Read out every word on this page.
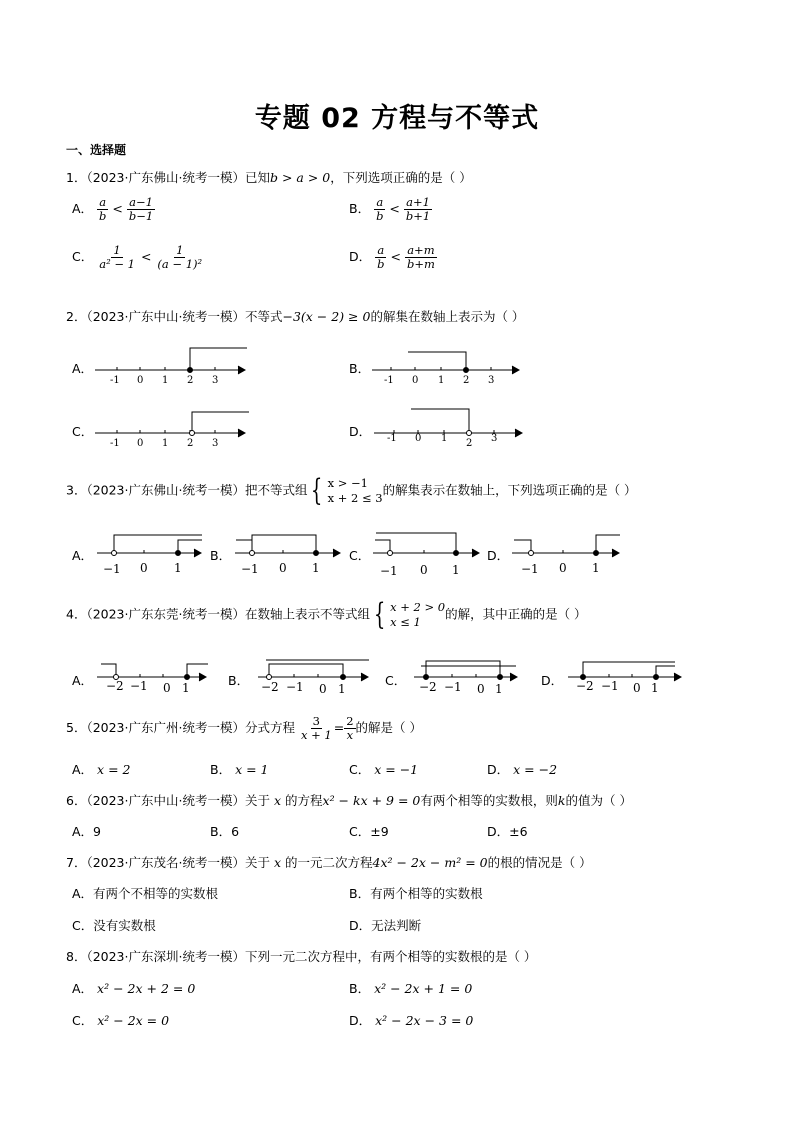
专题 02 方程与不等式
一、选择题
1．（2023·广东佛山·统考一模）已知b > a > 0，下列选项正确的是（ ）
A． $\frac{a}{b} < \frac{a-1}{b-1}$	B． $\frac{a}{b} < \frac{a+1}{b+1}$
C． $\frac{1}{\text{a² − 1}} < \frac{1}{\text{(a − 1)²}}$	D． $\frac{a}{b} < \frac{a+m}{b+m}$
2．（2023·广东中山·统考一模）不等式−3(x − 2) ≥ 0的解集在数轴上表示为（ ）
A．	B．
C．	D．
-1 0 1 2 3	-1 0 1 2 3
-1 0 1 2 3	-1 0 1 2 3
−1 0 1	−1 0 1	−1 0 1	−1 0 1
−2 −1 0 1	−2 −1 0 1	−2 −1 0 1	−2 −1 0 1
3．（2023·广东佛山·统考一模）把不等式组 { x > −1
x + 2 ≤ 3
的解集表示在数轴上，下列选项正确的是（ ）
A．	B．	C．	D．
4．（2023·广东东莞·统考一模）在数轴上表示不等式组 { x + 2 > 0
x ≤ 1
的解，其中正确的是（ ）
A．	B．	C．	D．
5．（2023·广东广州·统考一模）分式方程 $\frac{3}{x + 1} = \frac{2}{x}$ 的解是（ ）
A． x = 2	B． x = 1	C． x = −1	D． x = −2
6．（2023·广东中山·统考一模）关于 x 的方程x² − kx + 9 = 0有两个相等的实数根，则k的值为（ ）
A．9	B．6	C．±9	D．±6
7．（2023·广东茂名·统考一模）关于 x 的一元二次方程4x² − 2x − m² = 0的根的情况是（ ）
A．有两个不相等的实数根	B．有两个相等的实数根
C．没有实数根	D．无法判断
8．（2023·广东深圳·统考一模）下列一元二次方程中，有两个相等的实数根的是（ ）
A． x² − 2x + 2 = 0	B． x² − 2x + 1 = 0
C． x² − 2x = 0	D． x² − 2x − 3 = 0
